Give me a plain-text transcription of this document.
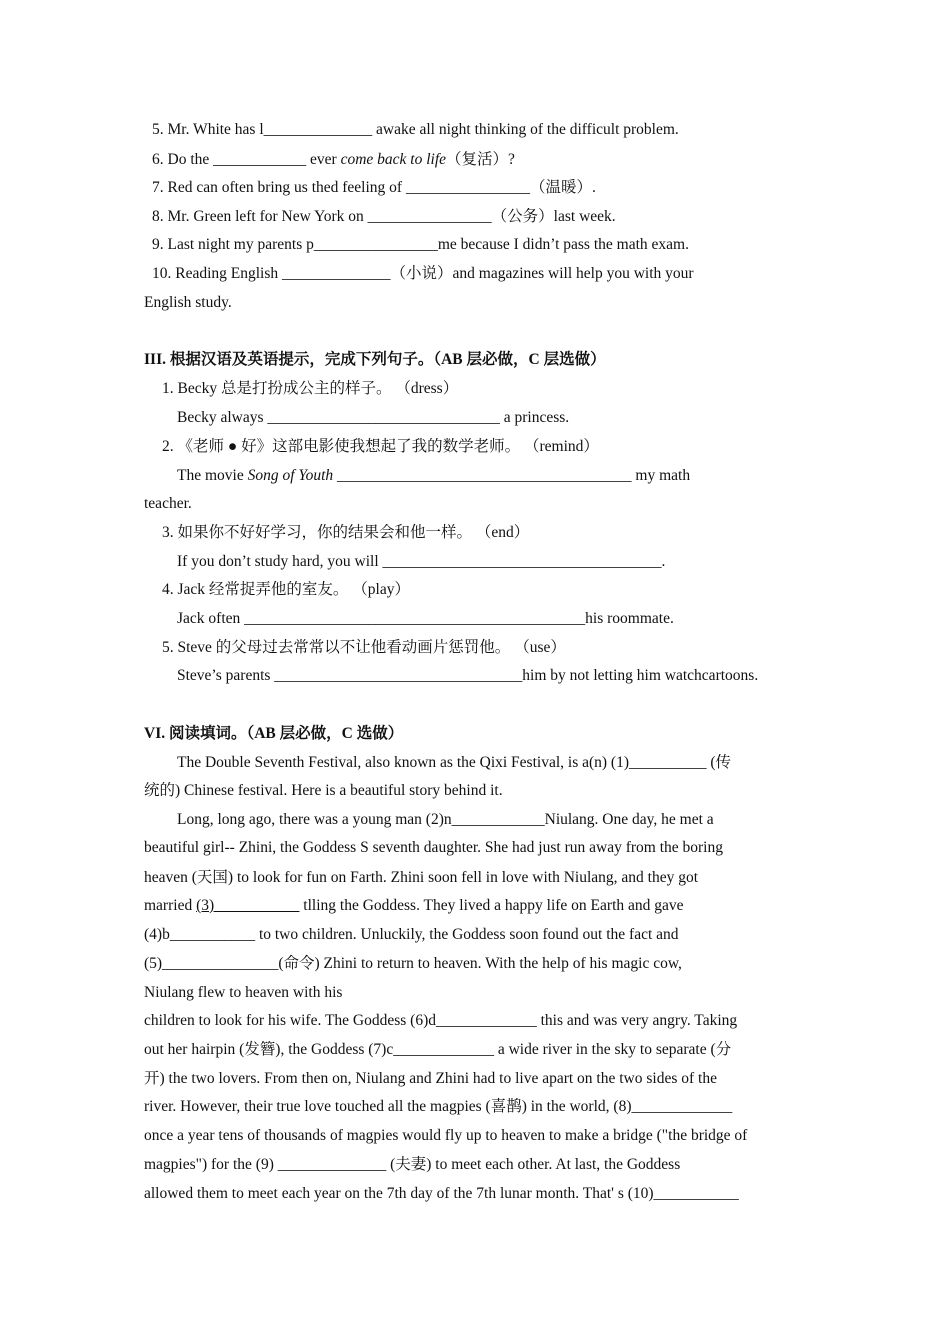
5. Mr. White has l______________ awake all night thinking of the difficult problem.
6. Do the ____________ ever come back to life（复活）?
7. Red can often bring us thed feeling of ________________（温暖）.
8. Mr. Green left for New York on ________________（公务）last week.
9. Last night my parents p________________me because I didn’t pass the math exam.
10. Reading English ______________（小说）and magazines will help you with your
English study.
III. 根据汉语及英语提示，完成下列句子。（AB 层必做，C 层选做）
1. Becky 总是打扮成公主的样子。 （dress）
Becky always ______________________________ a princess.
2. 《老师 ● 好》这部电影使我想起了我的数学老师。 （remind）
The movie Song of Youth ______________________________________ my math
teacher.
3. 如果你不好好学习，你的结果会和他一样。 （end）
If you don’t study hard, you will ____________________________________.
4. Jack 经常捉弄他的室友。 （play）
Jack often ____________________________________________his roommate.
5. Steve 的父母过去常常以不让他看动画片惩罚他。 （use）
Steve’s parents ________________________________him by not letting him watchcartoons.
VI. 阅读填词。（AB 层必做，C 选做）
The Double Seventh Festival, also known as the Qixi Festival, is a(n) (1)__________ (传
统的) Chinese festival. Here is a beautiful story behind it.
Long, long ago, there was a young man (2)n____________Niulang. One day, he met a
beautiful girl-- Zhini, the Goddess S seventh daughter. She had just run away from the boring
heaven (天国) to look for fun on Farth. Zhini soon fell in love with Niulang, and they got
married (3)___________ tlling the Goddess. They lived a happy life on Earth and gave
(4)b___________ to two children. Unluckily, the Goddess soon found out the fact and
(5)_______________(命令) Zhini to return to heaven. With the help of his magic cow,
Niulang flew to heaven with his
children to look for his wife. The Goddess (6)d_____________ this and was very angry. Taking
out her hairpin (发簪), the Goddess (7)c_____________ a wide river in the sky to separate (分
开) the two lovers. From then on, Niulang and Zhini had to live apart on the two sides of the
river. However, their true love touched all the magpies (喜鹊) in the world, (8)_____________
once a year tens of thousands of magpies would fly up to heaven to make a bridge ("the bridge of
magpies") for the (9) ______________ (夫妻) to meet each other. At last, the Goddess
allowed them to meet each year on the 7th day of the 7th lunar month. That' s (10)___________
